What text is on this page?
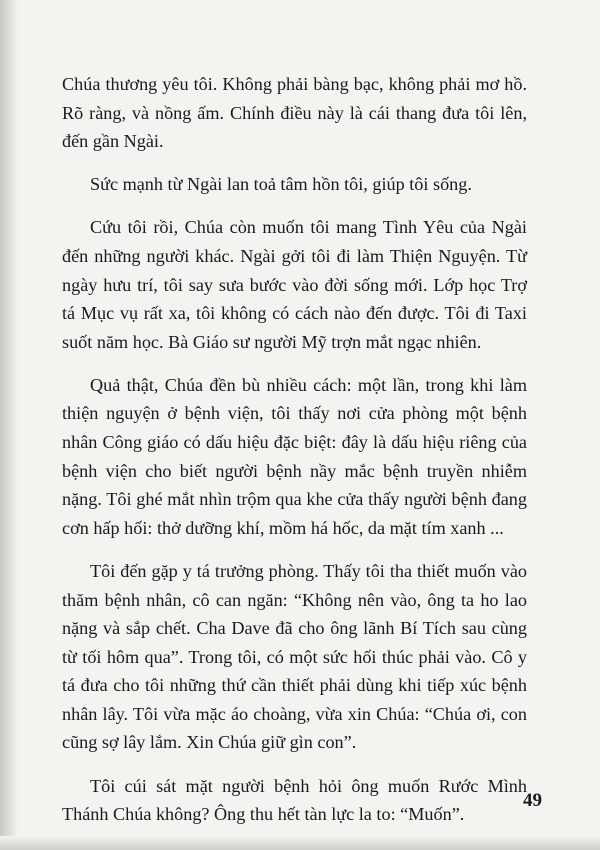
Chúa thương yêu tôi. Không phải bàng bạc, không phải mơ hồ. Rõ ràng, và nồng ấm. Chính điều này là cái thang đưa tôi lên, đến gần Ngài.

Sức mạnh từ Ngài lan toả tâm hồn tôi, giúp tôi sống.

Cứu tôi rồi, Chúa còn muốn tôi mang Tình Yêu của Ngài đến những người khác. Ngài gởi tôi đi làm Thiện Nguyện. Từ ngày hưu trí, tôi say sưa bước vào đời sống mới. Lớp học Trợ tá Mục vụ rất xa, tôi không có cách nào đến được. Tôi đi Taxi suốt năm học. Bà Giáo sư người Mỹ trợn mắt ngạc nhiên.

Quả thật, Chúa đền bù nhiều cách: một lần, trong khi làm thiện nguyện ở bệnh viện, tôi thấy nơi cửa phòng một bệnh nhân Công giáo có dấu hiệu đặc biệt: đây là dấu hiệu riêng của bệnh viện cho biết người bệnh nầy mắc bệnh truyền nhiễm nặng. Tôi ghé mắt nhìn trộm qua khe cửa thấy người bệnh đang cơn hấp hối: thở dưỡng khí, mồm há hốc, da mặt tím xanh ...

Tôi đến gặp y tá trưởng phòng. Thấy tôi tha thiết muốn vào thăm bệnh nhân, cô can ngăn: “Không nên vào, ông ta ho lao nặng và sắp chết. Cha Dave đã cho ông lãnh Bí Tích sau cùng từ tối hôm qua”. Trong tôi, có một sức hối thúc phải vào. Cô y tá đưa cho tôi những thứ cần thiết phải dùng khi tiếp xúc bệnh nhân lây. Tôi vừa mặc áo choàng, vừa xin Chúa: “Chúa ơi, con cũng sợ lây lắm. Xin Chúa giữ gìn con”.

Tôi cúi sát mặt người bệnh hỏi ông muốn Rước Mình Thánh Chúa không? Ông thu hết tàn lực la to: “Muốn”.

49
